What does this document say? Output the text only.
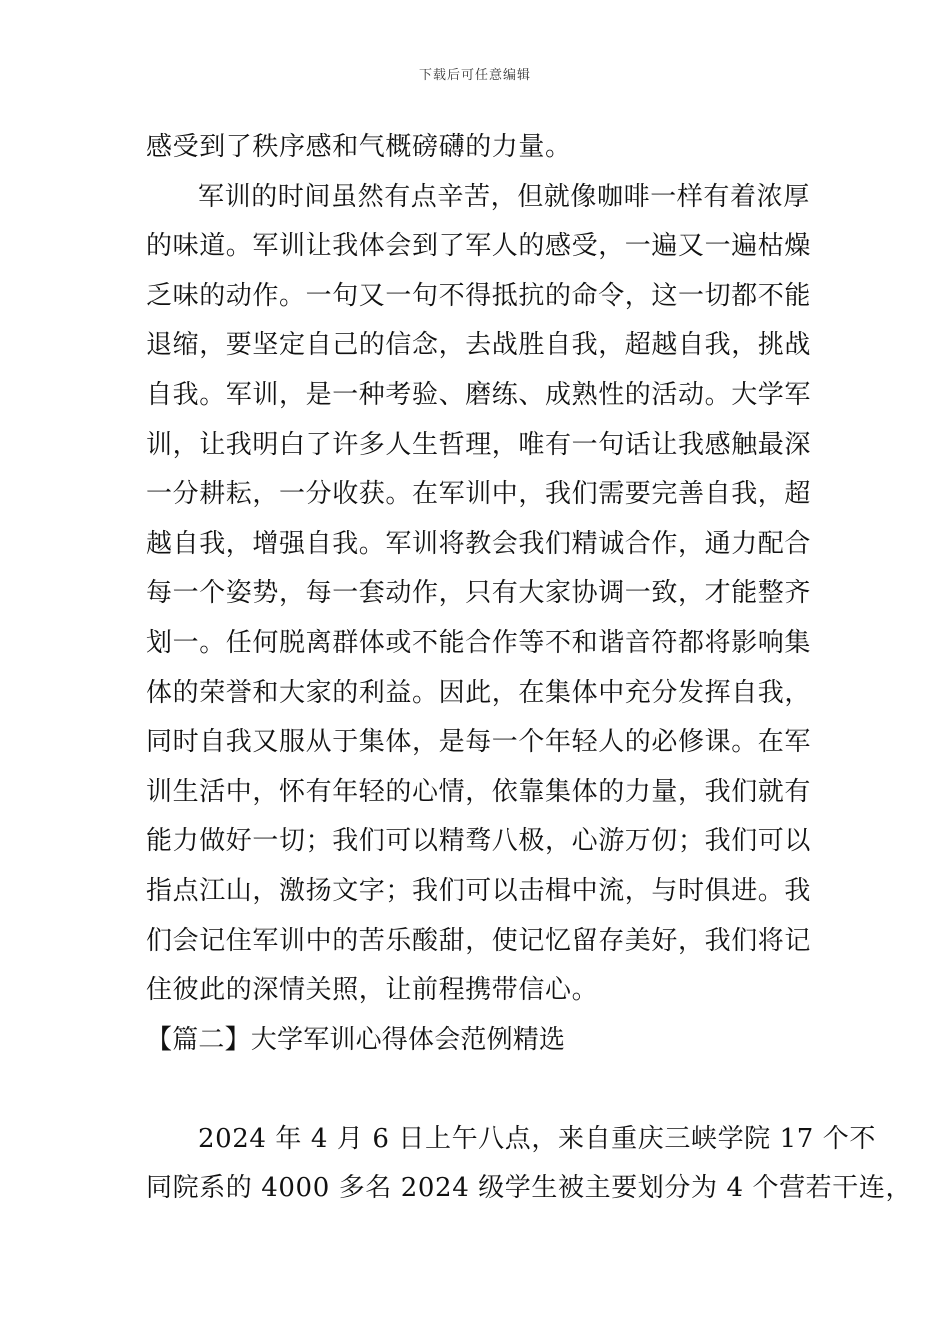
下载后可任意编辑
感受到了秩序感和气概磅礴的力量。
军训的时间虽然有点辛苦，但就像咖啡一样有着浓厚
的味道。军训让我体会到了军人的感受，一遍又一遍枯燥
乏味的动作。一句又一句不得抵抗的命令，这一切都不能
退缩，要坚定自己的信念，去战胜自我，超越自我，挑战
自我。军训，是一种考验、磨练、成熟性的活动。大学军
训，让我明白了许多人生哲理，唯有一句话让我感触最深
一分耕耘，一分收获。在军训中，我们需要完善自我，超
越自我，增强自我。军训将教会我们精诚合作，通力配合
每一个姿势，每一套动作，只有大家协调一致，才能整齐
划一。任何脱离群体或不能合作等不和谐音符都将影响集
体的荣誉和大家的利益。因此，在集体中充分发挥自我，
同时自我又服从于集体，是每一个年轻人的必修课。在军
训生活中，怀有年轻的心情，依靠集体的力量，我们就有
能力做好一切；我们可以精骛八极，心游万仞；我们可以
指点江山，激扬文字；我们可以击楫中流，与时俱进。我
们会记住军训中的苦乐酸甜，使记忆留存美好，我们将记
住彼此的深情关照，让前程携带信心。
【篇二】大学军训心得体会范例精选
2024 年 4 月 6 日上午八点，来自重庆三峡学院 17 个不
同院系的 4000 多名 2024 级学生被主要划分为 4 个营若干连，
